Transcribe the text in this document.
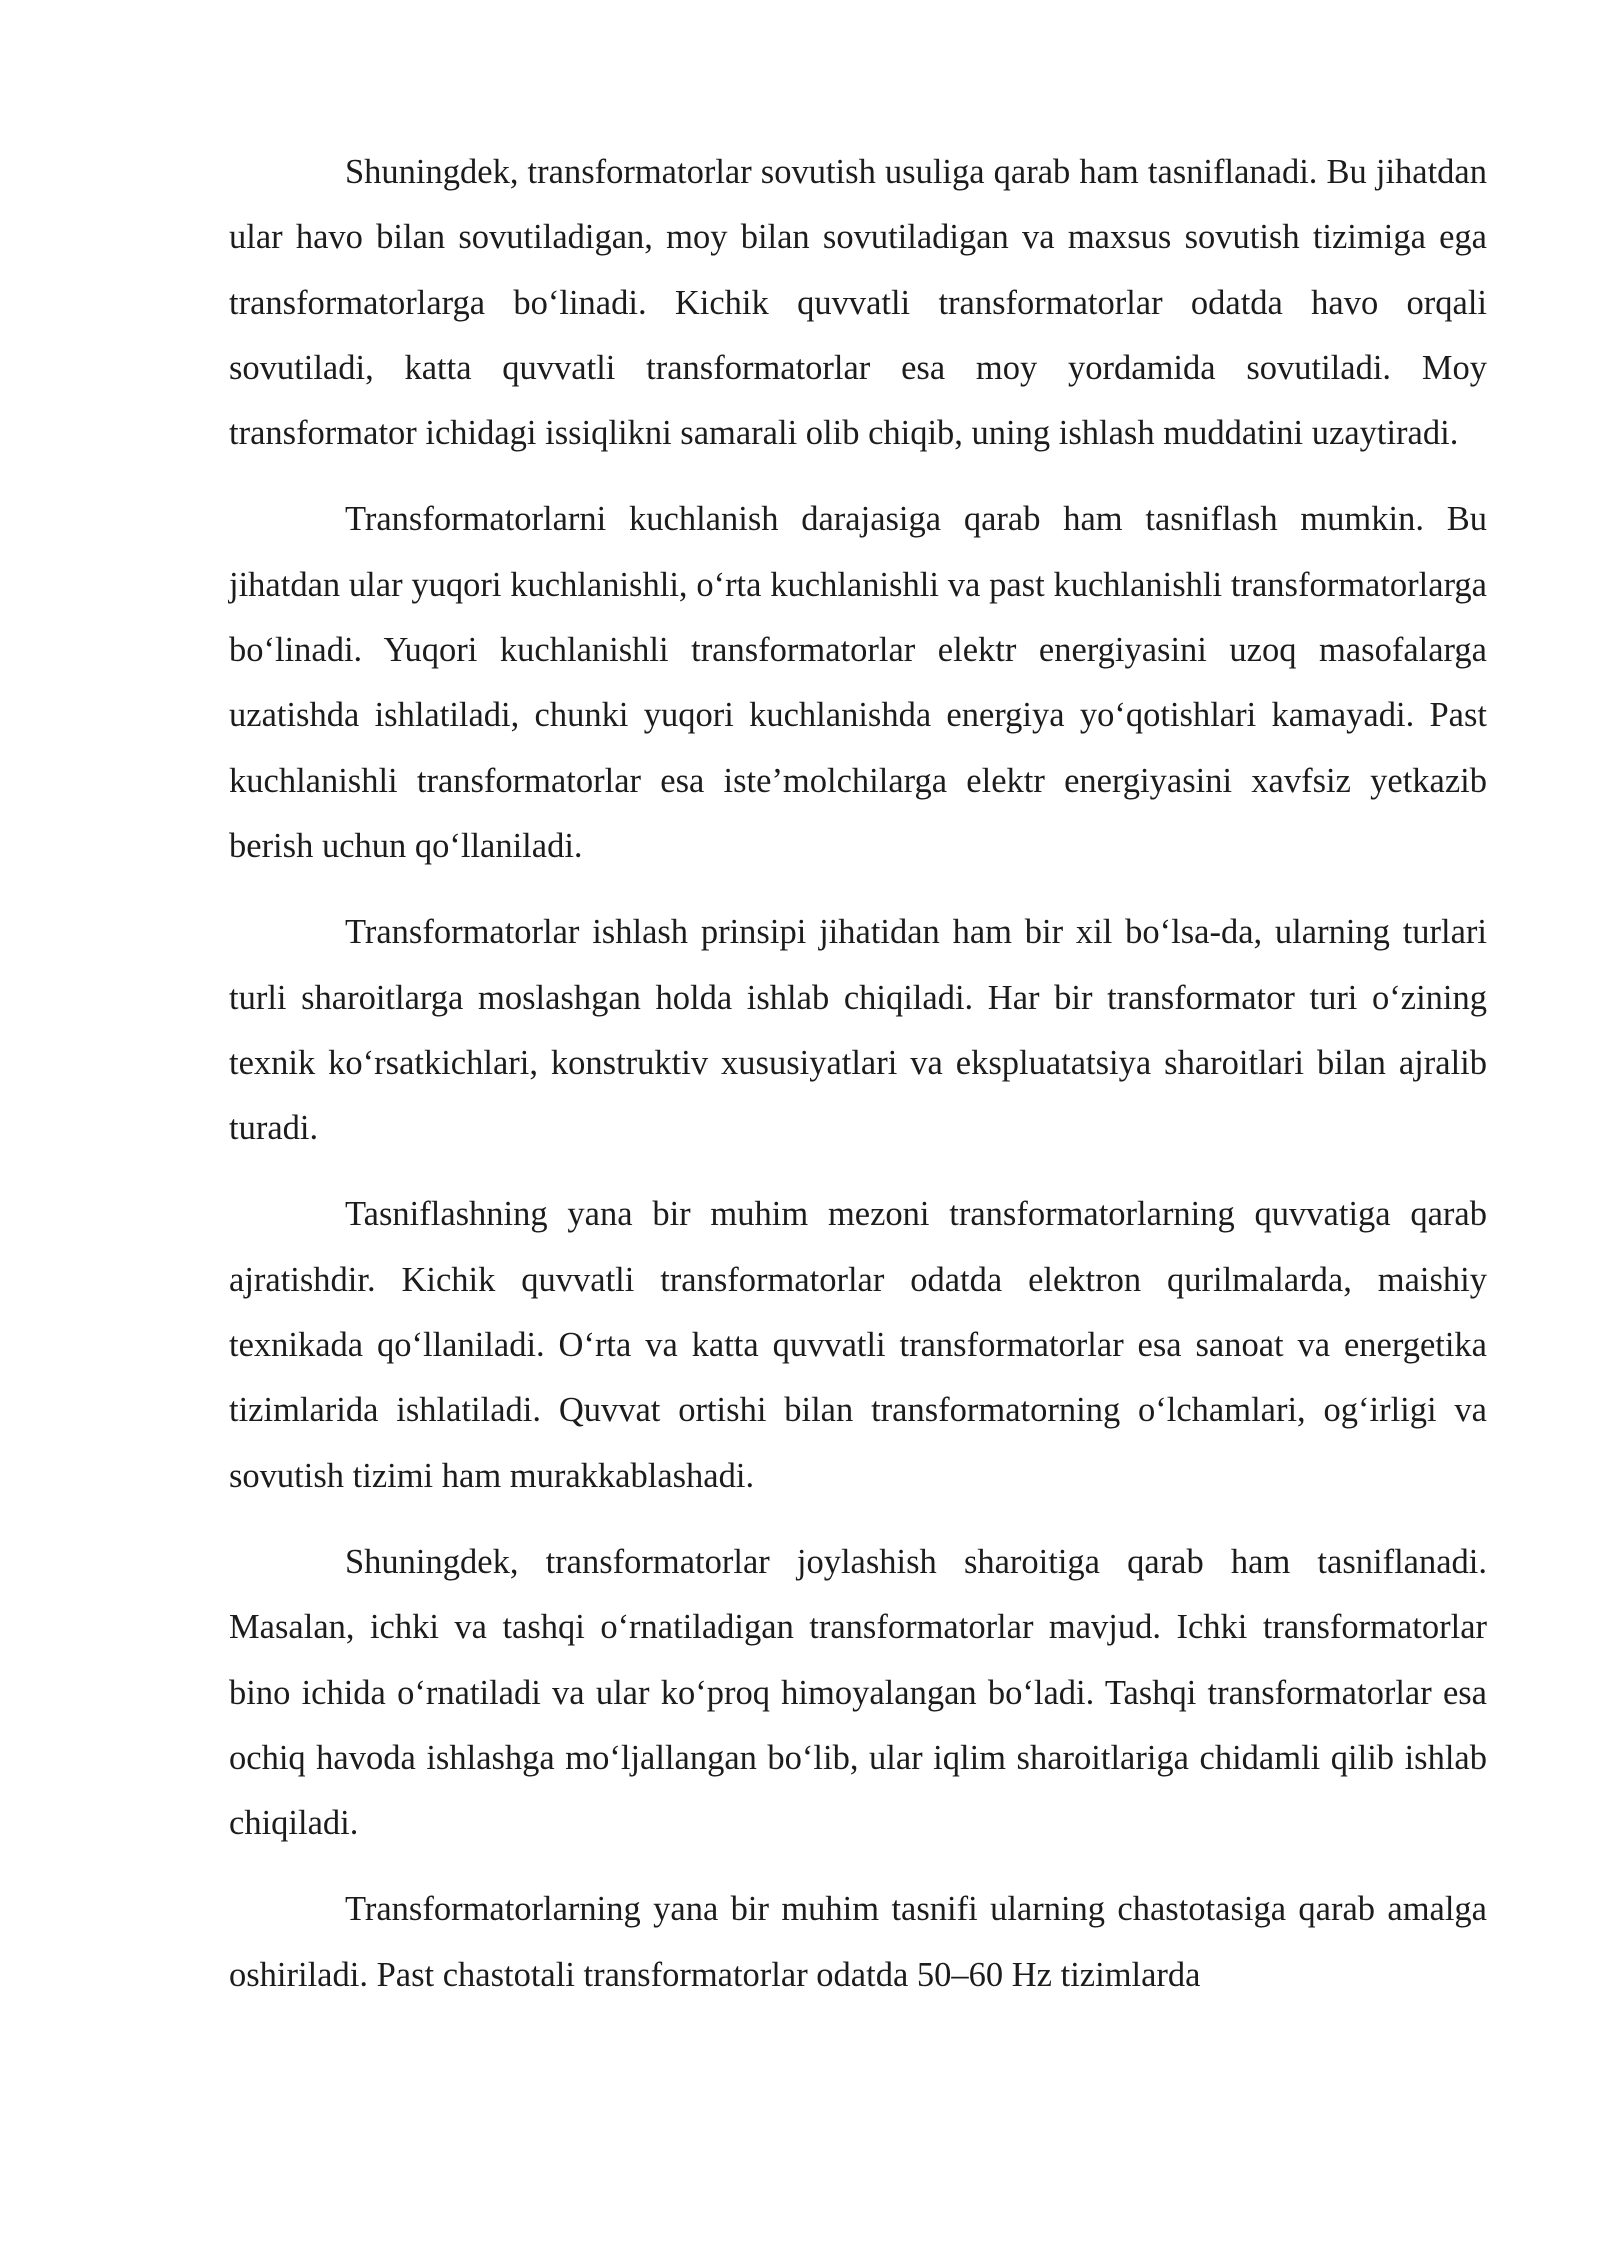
Shuningdek, transformatorlar sovutish usuliga qarab ham tasniflanadi. Bu jihatdan ular havo bilan sovutiladigan, moy bilan sovutiladigan va maxsus sovutish tizimiga ega transformatorlarga bo‘linadi. Kichik quvvatli transformatorlar odatda havo orqali sovutiladi, katta quvvatli transformatorlar esa moy yordamida sovutiladi. Moy transformator ichidagi issiqlikni samarali olib chiqib, uning ishlash muddatini uzaytiradi.

Transformatorlarni kuchlanish darajasiga qarab ham tasniflash mumkin. Bu jihatdan ular yuqori kuchlanishli, o‘rta kuchlanishli va past kuchlanishli transformatorlarga bo‘linadi. Yuqori kuchlanishli transformatorlar elektr energiyasini uzoq masofalarga uzatishda ishlatiladi, chunki yuqori kuchlanishda energiya yo‘qotishlari kamayadi. Past kuchlanishli transformatorlar esa iste’molchilarga elektr energiyasini xavfsiz yetkazib berish uchun qo‘llaniladi.

Transformatorlar ishlash prinsipi jihatidan ham bir xil bo‘lsa-da, ularning turlari turli sharoitlarga moslashgan holda ishlab chiqiladi. Har bir transformator turi o‘zining texnik ko‘rsatkichlari, konstruktiv xususiyatlari va ekspluatatsiya sharoitlari bilan ajralib turadi.

Tasniflashning yana bir muhim mezoni transformatorlarning quvvatiga qarab ajratishdir. Kichik quvvatli transformatorlar odatda elektron qurilmalarda, maishiy texnikada qo‘llaniladi. O‘rta va katta quvvatli transformatorlar esa sanoat va energetika tizimlarida ishlatiladi. Quvvat ortishi bilan transformatorning o‘lchamlari, og‘irligi va sovutish tizimi ham murakkablashadi.

Shuningdek, transformatorlar joylashish sharoitiga qarab ham tasniflanadi. Masalan, ichki va tashqi o‘rnatiladigan transformatorlar mavjud. Ichki transformatorlar bino ichida o‘rnatiladi va ular ko‘proq himoyalangan bo‘ladi. Tashqi transformatorlar esa ochiq havoda ishlashga mo‘ljallangan bo‘lib, ular iqlim sharoitlariga chidamli qilib ishlab chiqiladi.

Transformatorlarning yana bir muhim tasnifi ularning chastotasiga qarab amalga oshiriladi. Past chastotali transformatorlar odatda 50–60 Hz tizimlarda
